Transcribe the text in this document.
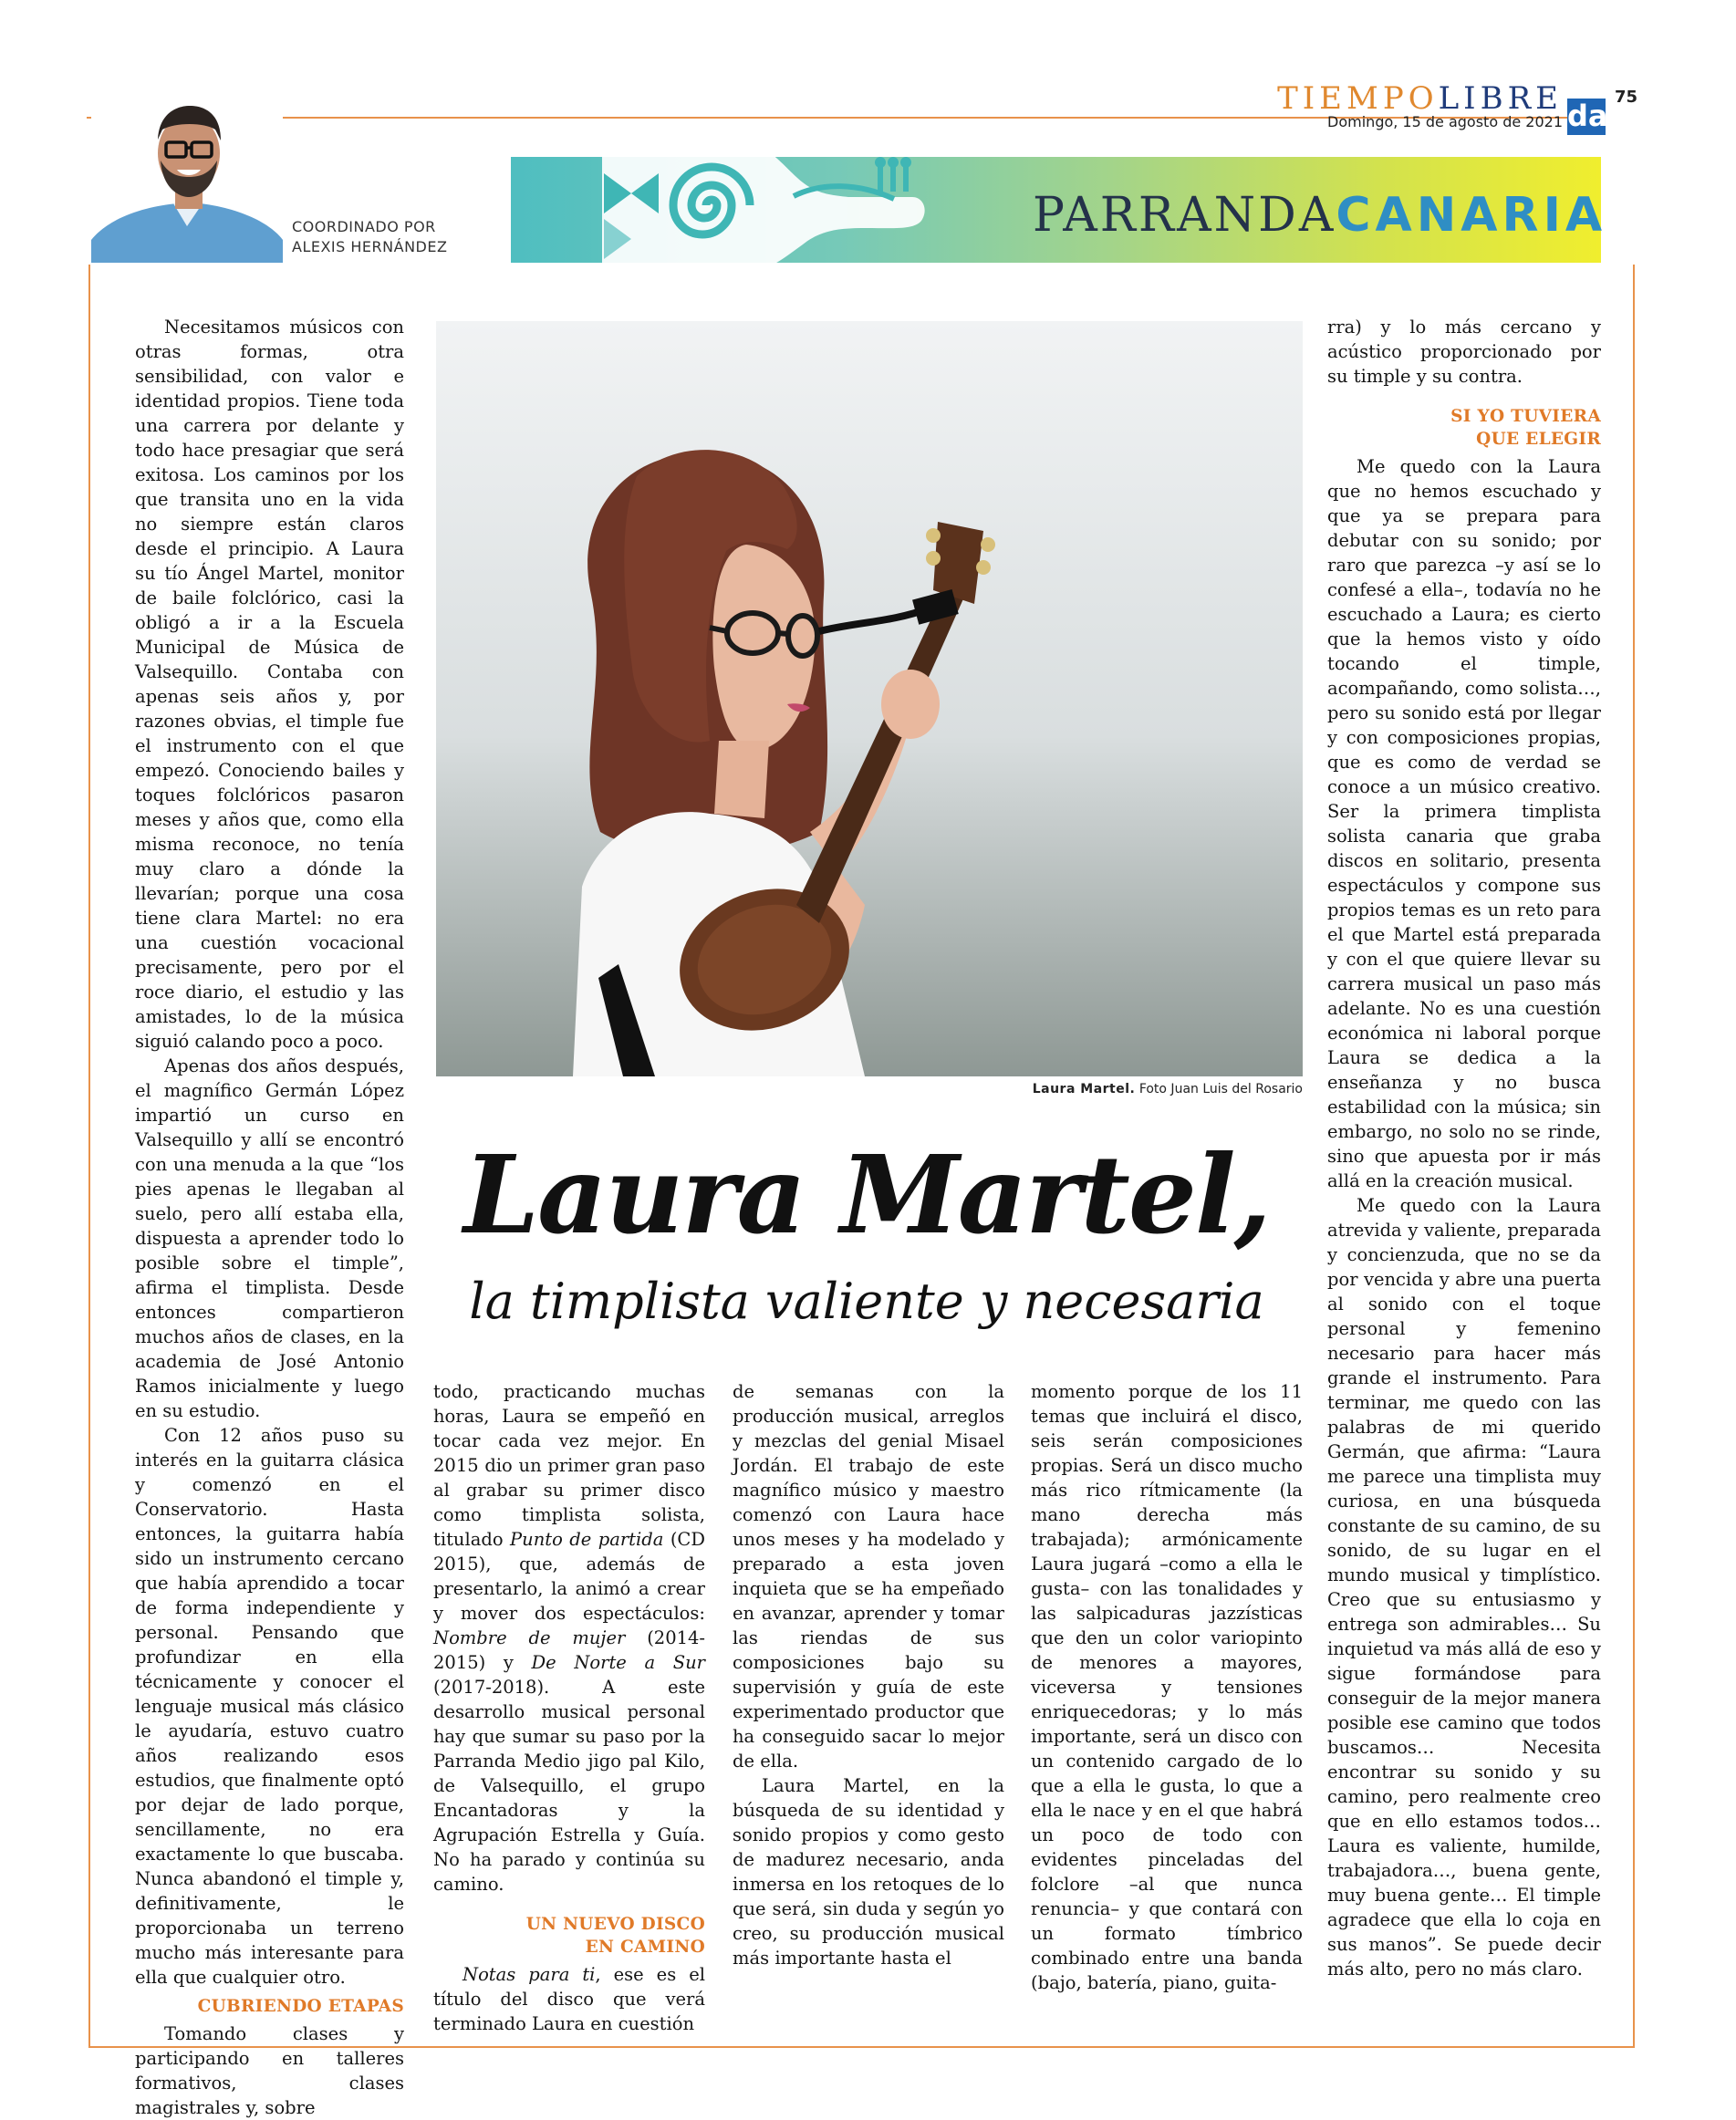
TIEMPOLIBRE
Domingo, 15 de agosto de 2021 da
75
PARRANDACANARIA
COORDINADO POR
ALEXIS HERNÁNDEZ
Laura Martel. Foto Juan Luis del Rosario
Laura Martel,
la timplista valiente y necesaria

Necesitamos músicos con otras formas, otra sensibilidad, con valor e identidad propios. Tiene toda una carrera por delante y todo hace presagiar que será exitosa. Los caminos por los que transita uno en la vida no siempre están claros desde el principio. A Laura su tío Ángel Martel, monitor de baile folclórico, casi la obligó a ir a la Escuela Municipal de Música de Valsequillo. Contaba con apenas seis años y, por razones obvias, el timple fue el instrumento con el que empezó. Conociendo bailes y toques folclóricos pasaron meses y años que, como ella misma reconoce, no tenía muy claro a dónde la llevarían; porque una cosa tiene clara Martel: no era una cuestión vocacional precisamente, pero por el roce diario, el estudio y las amistades, lo de la música siguió calando poco a poco.

Apenas dos años después, el magnífico Germán López impartió un curso en Valsequillo y allí se encontró con una menuda a la que “los pies apenas le llegaban al suelo, pero allí estaba ella, dispuesta a aprender todo lo posible sobre el timple”, afirma el timplista. Desde entonces compartieron muchos años de clases, en la academia de José Antonio Ramos inicialmente y luego en su estudio.

Con 12 años puso su interés en la guitarra clásica y comenzó en el Conservatorio. Hasta entonces, la guitarra había sido un instrumento cercano que había aprendido a tocar de forma independiente y personal. Pensando que profundizar en ella técnicamente y conocer el lenguaje musical más clásico le ayudaría, estuvo cuatro años realizando esos estudios, que finalmente optó por dejar de lado porque, sencillamente, no era exactamente lo que buscaba. Nunca abandonó el timple y, definitivamente, le proporcionaba un terreno mucho más interesante para ella que cualquier otro.

CUBRIENDO ETAPAS

Tomando clases y participando en talleres formativos, clases magistrales y, sobre

todo, practicando muchas horas, Laura se empeñó en tocar cada vez mejor. En 2015 dio un primer gran paso al grabar su primer disco como timplista solista, titulado Punto de partida (CD 2015), que, además de presentarlo, la animó a crear y mover dos espectáculos: Nombre de mujer (2014-2015) y De Norte a Sur (2017-2018). A este desarrollo musical personal hay que sumar su paso por la Parranda Medio jigo pal Kilo, de Valsequillo, el grupo Encantadoras y la Agrupación Estrella y Guía. No ha parado y continúa su camino.

UN NUEVO DISCO
EN CAMINO

Notas para ti, ese es el título del disco que verá terminado Laura en cuestión

de semanas con la producción musical, arreglos y mezclas del genial Misael Jordán. El trabajo de este magnífico músico y maestro comenzó con Laura hace unos meses y ha modelado y preparado a esta joven inquieta que se ha empeñado en avanzar, aprender y tomar las riendas de sus composiciones bajo su supervisión y guía de este experimentado productor que ha conseguido sacar lo mejor de ella.

Laura Martel, en la búsqueda de su identidad y sonido propios y como gesto de madurez necesario, anda inmersa en los retoques de lo que será, sin duda y según yo creo, su producción musical más importante hasta el

momento porque de los 11 temas que incluirá el disco, seis serán composiciones propias. Será un disco mucho más rico rítmicamente (la mano derecha más trabajada); armónicamente Laura jugará –como a ella le gusta– con las tonalidades y las salpicaduras jazzísticas que den un color variopinto de menores a mayores, viceversa y tensiones enriquecedoras; y lo más importante, será un disco con un contenido cargado de lo que a ella le gusta, lo que a ella le nace y en el que habrá un poco de todo con evidentes pinceladas del folclore –al que nunca renuncia– y que contará con un formato tímbrico combinado entre una banda (bajo, batería, piano, guita-

rra) y lo más cercano y acústico proporcionado por su timple y su contra.

SI YO TUVIERA
QUE ELEGIR

Me quedo con la Laura que no hemos escuchado y que ya se prepara para debutar con su sonido; por raro que parezca –y así se lo confesé a ella–, todavía no he escuchado a Laura; es cierto que la hemos visto y oído tocando el timple, acompañando, como solista…, pero su sonido está por llegar y con composiciones propias, que es como de verdad se conoce a un músico creativo. Ser la primera timplista solista canaria que graba discos en solitario, presenta espectáculos y compone sus propios temas es un reto para el que Martel está preparada y con el que quiere llevar su carrera musical un paso más adelante. No es una cuestión económica ni laboral porque Laura se dedica a la enseñanza y no busca estabilidad con la música; sin embargo, no solo no se rinde, sino que apuesta por ir más allá en la creación musical.

Me quedo con la Laura atrevida y valiente, preparada y concienzuda, que no se da por vencida y abre una puerta al sonido con el toque personal y femenino necesario para hacer más grande el instrumento. Para terminar, me quedo con las palabras de mi querido Germán, que afirma: “Laura me parece una timplista muy curiosa, en una búsqueda constante de su camino, de su sonido, de su lugar en el mundo musical y timplístico. Creo que su entusiasmo y entrega son admirables… Su inquietud va más allá de eso y sigue formándose para conseguir de la mejor manera posible ese camino que todos buscamos… Necesita encontrar su sonido y su camino, pero realmente creo que en ello estamos todos… Laura es valiente, humilde, trabajadora…, buena gente, muy buena gente… El timple agradece que ella lo coja en sus manos”. Se puede decir más alto, pero no más claro.
